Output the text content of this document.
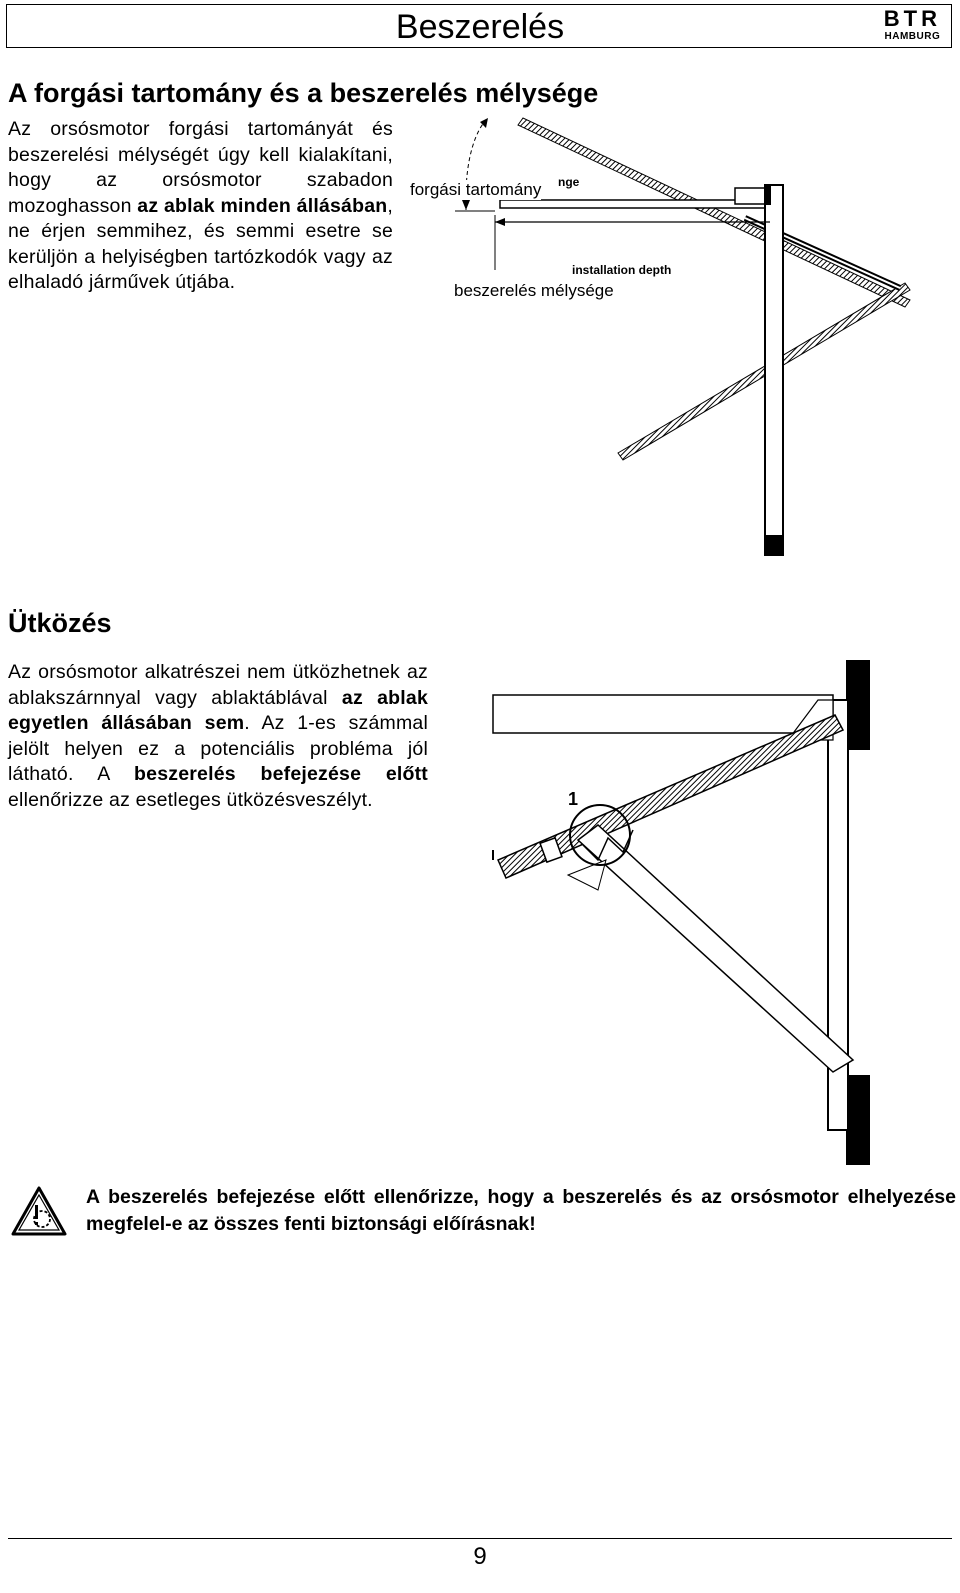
Beszerelés	BTR
HAMBURG
A forgási tartomány és a beszerelés mélysége

Az orsósmotor forgási tartományát és beszerelési mélységét úgy kell kialakítani, hogy az orsósmotor szabadon mozoghasson az ablak minden állásában, ne érjen semmihez, és semmi esetre se kerüljön a helyiségben tartózkodók vagy az elhaladó járművek útjába.

nge
installation depth
forgási tartomány
beszerelés mélysége
Ütközés

Az orsósmotor alkatrészei nem ütközhetnek az ablakszárnnyal vagy ablaktáblával az ablak egyetlen állásában sem. Az 1-es számmal jelölt helyen ez a potenciális probléma jól látható. A beszerelés befejezése előtt ellenőrizze az esetleges ütközésveszélyt.	1

A beszerelés befejezése előtt ellenőrizze, hogy a beszerelés és az orsósmotor elhelyezése megfelel-e az összes fenti biztonsági előírásnak!

9
